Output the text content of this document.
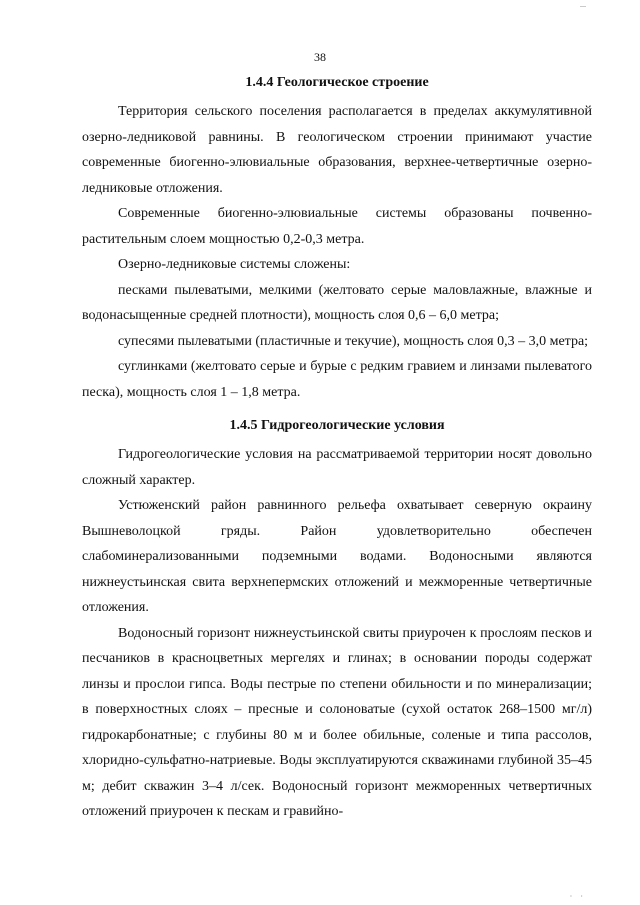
...
38
1.4.4 Геологическое строение

Территория сельского поселения располагается в пределах аккумулятивной озерно-ледниковой равнины. В геологическом строении принимают участие современные биогенно-элювиальные образования, верхнее-четвертичные озерно-ледниковые отложения.

Современные биогенно-элювиальные системы образованы почвенно-растительным слоем мощностью 0,2-0,3 метра.

Озерно-ледниковые системы сложены:

песками пылеватыми, мелкими (желтовато серые маловлажные, влажные и водонасыщенные средней плотности), мощность слоя 0,6 – 6,0 метра;

супесями пылеватыми (пластичные и текучие), мощность слоя 0,3 – 3,0 метра;

суглинками (желтовато серые и бурые с редким гравием и линзами пылеватого песка), мощность слоя 1 – 1,8 метра.

1.4.5 Гидрогеологические условия

Гидрогеологические условия на рассматриваемой территории носят довольно сложный характер.

Устюженский район равнинного рельефа охватывает северную окраину Вышневолоцкой гряды. Район удовлетворительно обеспечен слабоминерализованными подземными водами. Водоносными являются нижнеустьинская свита верхнепермских отложений и межморенные четвертичные отложения.

Водоносный горизонт нижнеустьинской свиты приурочен к прослоям песков и песчаников в красноцветных мергелях и глинах; в основании породы содержат линзы и прослои гипса. Воды пестрые по степени обильности и по минерализации; в поверхностных слоях – пресные и солоноватые (сухой остаток 268–1500 мг/л) гидрокарбонатные; с глубины 80 м и более обильные, соленые и типа рассолов, хлоридно-сульфатно-натриевые. Воды эксплуатируются скважинами глубиной 35–45 м; дебит скважин 3–4 л/сек. Водоносный горизонт межморенных четвертичных отложений приурочен к пескам и гравийно-

· ·
